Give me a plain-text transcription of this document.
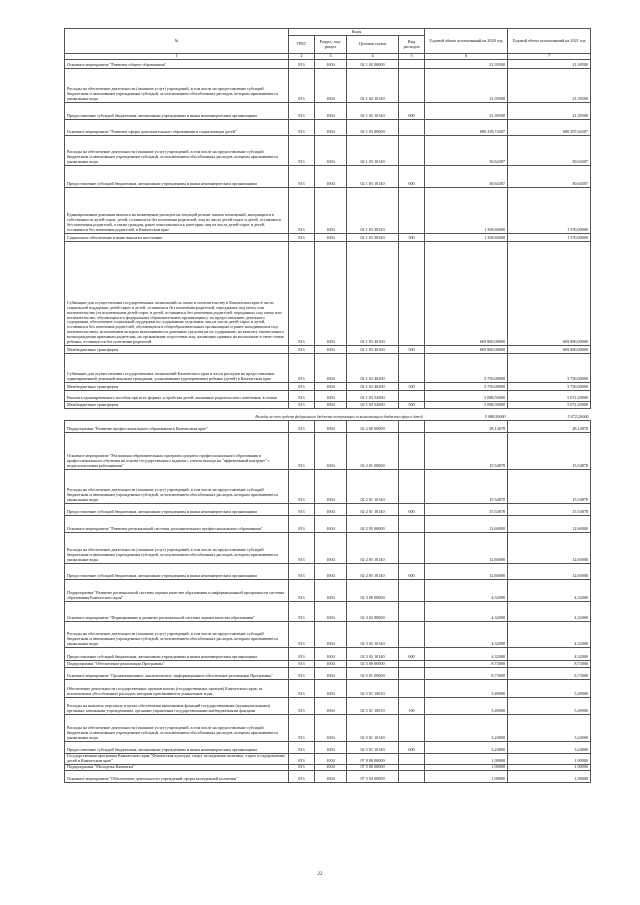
№	Коды				Годовой объем ассигнований на 2020 год	Годовой объем ассигнований на 2021 год
	ГРБС	Раздел, под-раздел	Целевая статья	Вид расходов		
1	2	3	4	5	6	7
Основное мероприятие "Развитие общего образования"	813	1004	02 1 02 00000		21,39500	21,39500
Расходы на обеспечение деятельности (оказание услуг) учреждений, в том числе на предоставление субсидий бюджетным и автономным учреждениям субсидий, за исключением обособленных расходов, которым присваиваются уникальные коды	813	1004	02 1 02 10140		21,39500	21,39500
Предоставление субсидий бюджетным, автономным учреждениям и иным некоммерческим организациям	813	1004	02 1 02 10140	600	21,39500	21,39500
Основное мероприятие "Развитие сферы дополнительного образования и социализации детей"	813	1004	02 1 03 00000		680 239,74307	680 287,64307
Расходы на обеспечение деятельности (оказание услуг) учреждений, в том числе на предоставление субсидий бюджетным и автономным учреждениям субсидий, за исключением обособленных расходов, которым присваиваются уникальные коды	813	1004	02 1 03 10140		30,64307	30,64307
Предоставление субсидий бюджетным, автономным учреждениям и иным некоммерческим организациям	813	1004	02 1 03 10140	600	30,64307	30,64307
Единовременная денежная выплата на возмещение расходов на текущий ремонт жилых помещений, находящихся в собственности детей-сирот, детей, оставшихся без попечения родителей, лиц из числа детей-сирот и детей, оставшихся без попечения родителей, а также граждан, ранее относившихся к категории лиц из числа детей-сирот и детей, оставшихся без попечения родителей, в Камчатском крае	813	1004	02 1 03 20320		1 309,60000	1 570,00000
Социальное обеспечение и иные выплаты населению	813	1004	02 1 03 20320	300	1 309,60000	1 570,00000
Субвенции для осуществления государственных полномочий по опеке и попечительству в Камчатском крае в части социальной поддержки детей-сирот и детей, оставшихся без попечения родителей, переданных под опеку или попечительство (за исключением детей-сирот и детей, оставшихся без попечения родителей, переданных под опеку или попечительство, обучающихся в федеральных образовательных организациях), по предоставлению денежного содержания, обеспечение социальной поддержки по содержанию отдельных лиц из числа детей-сирот и детей, оставшихся без попечения родителей, обучающихся в общеобразовательных организациях и ранее находившихся под попечительством, исполнением которых выплачиваются денежные средства на их содержание, на выплату ежемесячного вознаграждения приемным родителям, на организацию подготовки лиц, желающих принять на воспитание в свою семью ребенка, оставшегося без попечения родителей	813	1004	02 1 03 40160		669 860,00000	669 860,00000
Межбюджетные трансферты	813	1004	02 1 03 40160	500	669 860,00000	669 860,00000
Субвенции для осуществления государственных полномочий Камчатского края в части расходов на предоставление единовременной денежной выплаты гражданам, усыновившим (удочерившим) ребенка (детей) в Камчатском крае	813	1004	02 1 03 40200		3 750,00000	3 750,00000
Межбюджетные трансферты	813	1004	02 1 03 40200	500	3 750,00000	3 750,00000
Выплата единовременного пособия при всех формах устройства детей, лишенных родительского попечения, в семью	813	1004	02 1 03 52600		5 088,50000	5 072,20000
Межбюджетные трансферты	813	1004	02 1 03 52600	500	5 088,50000	5 072,20000
Расходы за счет средств федерального бюджета поступающих из вышестоящего бюджета сфере и детей					5 088,50000	5 072,20000
Подпрограмма "Развитие профессионального образования в Камчатском крае"	813	1004	02 2 00 00000		28,14878	28,14878
Основное мероприятие "Реализация образовательных программ среднего профессионального образования и профессионального обучения на основе государственного задания с учетом выхода на "эффективный контракт" с педагогическими работниками"	813	1004	02 2 01 00000		15,54878	15,54878
Расходы на обеспечение деятельности (оказание услуг) учреждений, в том числе на предоставление субсидий бюджетным и автономным учреждениям субсидий, за исключением обособленных расходов, которым присваиваются уникальные коды	813	1004	02 2 01 10140		15,54878	15,54878
Предоставление субсидий бюджетным, автономным учреждениям и иным некоммерческим организациям	813	1004	02 2 01 10140	600	15,54878	15,54878
Основное мероприятие "Развитие региональной системы дополнительного профессионального образования"	813	1004	02 2 05 00000		12,60000	12,60000
Расходы на обеспечение деятельности (оказание услуг) учреждений, в том числе на предоставление субсидий бюджетным и автономным учреждениям субсидий, за исключением обособленных расходов, которым присваиваются уникальные коды	813	1004	02 2 05 10140		12,60000	12,60000
Предоставление субсидий бюджетным, автономным учреждениям и иным некоммерческим организациям	813	1004	02 2 05 10140	600	12,60000	12,60000
Подпрограмма "Развитие региональной системы оценки качества образования и информационной прозрачности системы образования Камчатского края"	813	1004	02 3 00 00000		4,32000	4,32000
Основное мероприятие "Формирование и развитие региональной системы оценки качества образования"	813	1004	02 3 02 00000		4,32000	4,32000
Расходы на обеспечение деятельности (оказание услуг) учреждений, в том числе на предоставление субсидий бюджетным и автономным учреждениям субсидий, за исключением обособленных расходов, которым присваиваются уникальные коды	813	1004	02 3 02 10140		4,32000	4,32000
Предоставление субсидий бюджетным, автономным учреждениям и иным некоммерческим организациям	813	1004	02 3 02 10140	600	4,32000	4,32000
Подпрограмма "Обеспечение реализации Программы"	813	1004	02 5 00 00000		8,73000	8,73000
Основное мероприятие "Организационное, аналитическое, информационное обеспечение реализации Программы"	813	1004	02 5 01 00000		8,73000	8,73000
Обеспечение деятельности государственных органов власти (государственных органов) Камчатского края, за исключением обособленных расходов, которым присваиваются уникальные коды	813	1004	02 5 01 10010		5,49000	5,49000
Расходы на выплаты персоналу в целях обеспечения выполнения функций государственными (муниципальными) органами, казенными учреждениями, органами управления государственными внебюджетными фондами	813	1004	02 5 01 10010	100	5,49000	5,49000
Расходы на обеспечение деятельности (оказание услуг) учреждений, в том числе на предоставление субсидий бюджетным и автономным учреждениям субсидий, за исключением обособленных расходов, которым присваиваются уникальные коды	813	1004	02 5 01 10140		3,24000	3,24000
Предоставление субсидий бюджетным, автономным учреждениям и иным некоммерческим организациям	813	1004	02 5 01 10140	600	3,24000	3,24000
Государственная программа Камчатского края "Физическая культура, спорт, молодежная политика, отдых и оздоровление детей в Камчатском крае"	813	1004	07 0 00 00000		1,90000	1,90000
Подпрограмма "Молодежь Камчатки"	813	1004	07 5 00 00000		1,90000	1,90000
Основное мероприятие "Обеспечение деятельности учреждений сферы молодежной политики"	813	1004	07 5 04 00000		1,90000	1,90000
22
